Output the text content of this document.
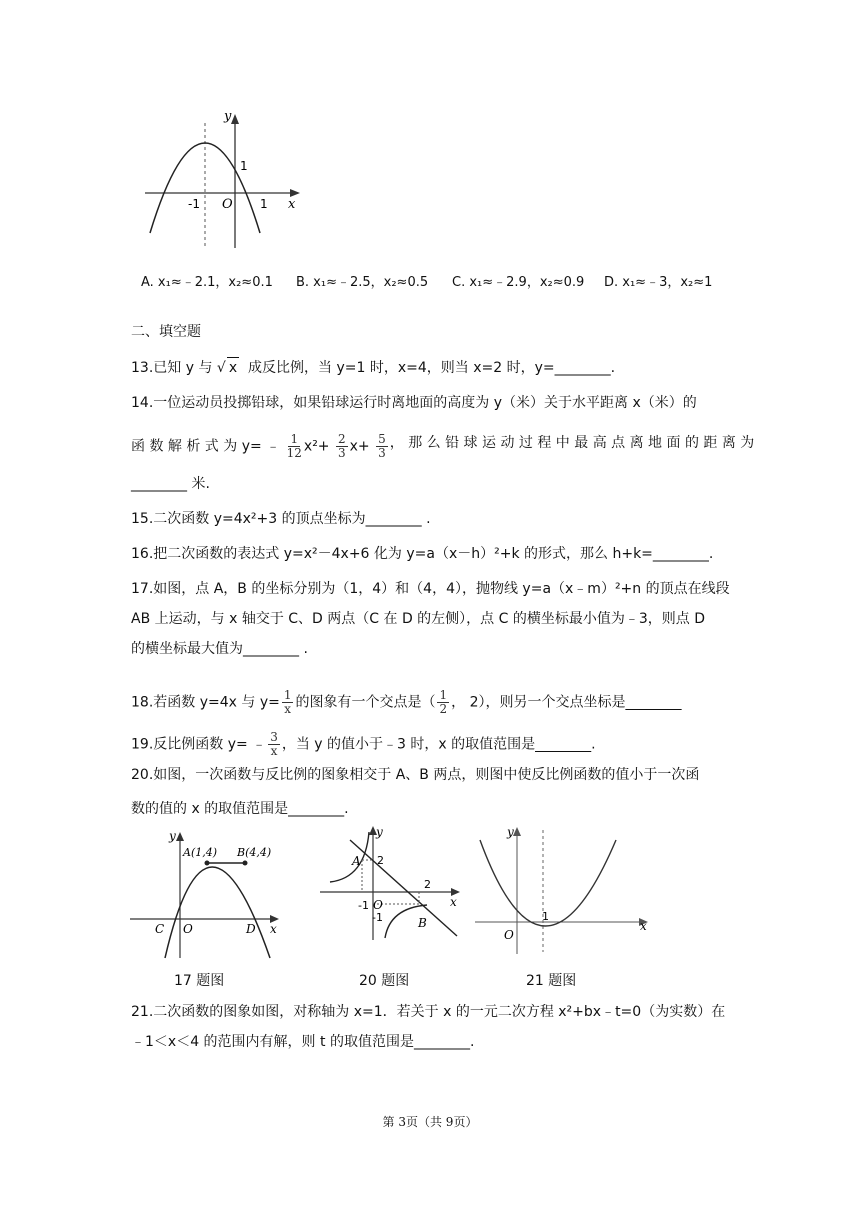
y
x
1
-1 O 1
A. x₁≈﹣2.1，x₂≈0.1 B. x₁≈﹣2.5，x₂≈0.5 C. x₁≈﹣2.9，x₂≈0.9 D. x₁≈﹣3，x₂≈1
二、填空题
13.已知 y 与 √ x 成反比例，当 y=1 时，x=4，则当 x=2 时，y=________.
14.一位运动员投掷铅球，如果铅球运行时离地面的高度为 y（米）关于水平距离 x（米）的
函 数 解 析 式 为 y= ﹣ $\frac{1}{12} x^2+ \frac{2}{3} x+ \frac{5}{3}$ ， 那 么 铅 球 运 动 过 程 中 最 高 点 离 地 面 的 距 离 为
________ 米.
15.二次函数 y=4x²+3 的顶点坐标为________ .
16.把二次函数的表达式 y=x²－4x+6 化为 y=a（x－h）²+k 的形式，那么 h+k=________.
17.如图，点 A，B 的坐标分别为（1，4）和（4，4），抛物线 y=a（x﹣m）²+n 的顶点在线段
AB 上运动，与 x 轴交于 C、D 两点（C 在 D 的左侧），点 C 的横坐标最小值为﹣3，则点 D
的横坐标最大值为________ .
18.若函数 y=4x 与 $y= \frac{1}{x}$ 的图象有一个交点是（ $\frac{1}{2}$ ， 2），则另一个交点坐标是________
19.反比例函数 y= ﹣ $\frac{3}{x}$ ，当 y 的值小于﹣3 时，x 的取值范围是________.
20.如图，一次函数与反比例的图象相交于 A、B 两点，则图中使反比例函数的值小于一次函
数的值的 x 的取值范围是________.
y
A(1,4) B(4,4)
C O	D x
y
A 2
2
-1 O
-1	B
x
y
1
O
x
17 题图	20 题图	21 题图
21.二次函数的图象如图，对称轴为 x=1．若关于 x 的一元二次方程 x²+bx﹣t=0（为实数）在
﹣1＜x＜4 的范围内有解，则 t 的取值范围是________.
第 3页（共 9页）
